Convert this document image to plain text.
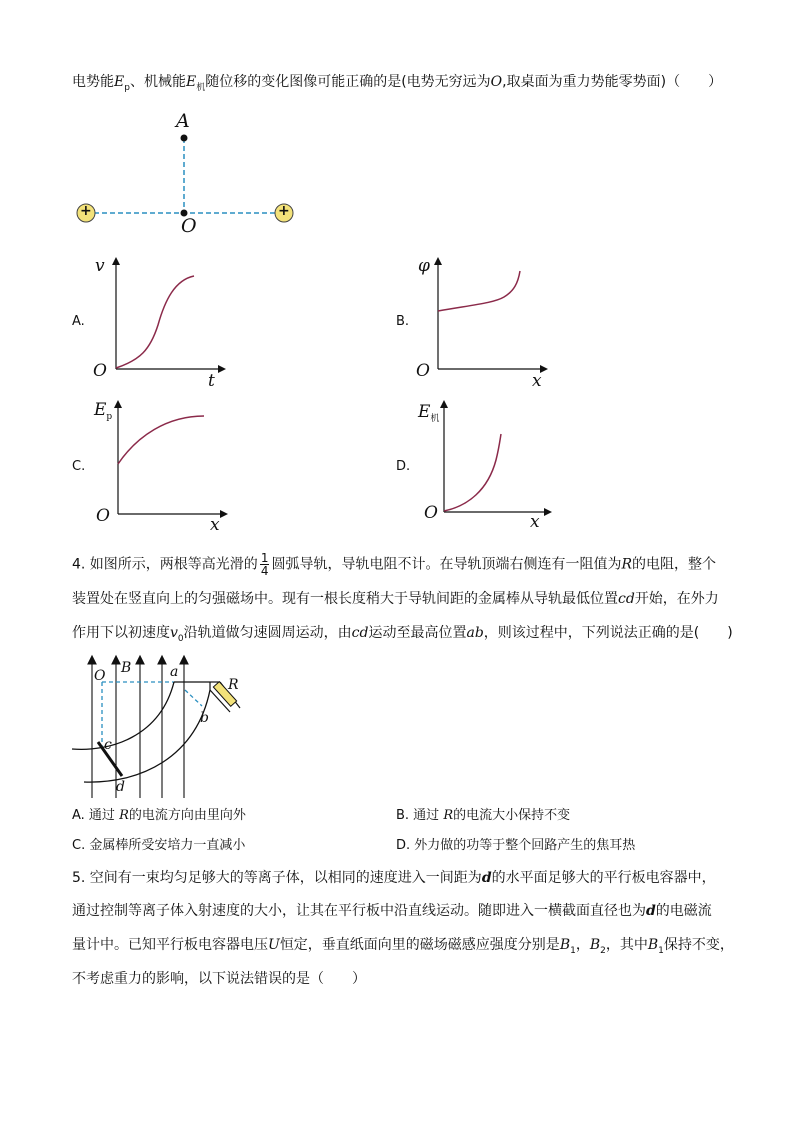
电势能$E_p$、机械能$E_机$随位移的变化图像可能正确的是(电势无穷远为O,取桌面为重力势能零势面)（　　）
A
O
+	+
A.
v
t
O
B.
φ
x
O
C.
$E_p$
x
O
D.
$E_机$
x
O
4. 如图所示，两根等高光滑的 $\frac{1}{4}$ 圆弧导轨，导轨电阻不计。在导轨顶端右侧连有一阻值为R的电阻，整个
装置处在竖直向上的匀强磁场中。现有一根长度稍大于导轨间距的金属棒从导轨最低位置cd开始，在外力
作用下以初速度$v_0$沿轨道做匀速圆周运动，由cd运动至最高位置ab，则该过程中，下列说法正确的是(　　)
O B	a
b
R
c
d
A. 通过 R的电流方向由里向外	B. 通过 R的电流大小保持不变
C. 金属棒所受安培力一直减小	D. 外力做的功等于整个回路产生的焦耳热
5. 空间有一束均匀足够大的等离子体，以相同的速度进入一间距为d的水平面足够大的平行板电容器中，
通过控制等离子体入射速度的大小，让其在平行板中沿直线运动。随即进入一横截面直径也为d的电磁流
量计中。已知平行板电容器电压U恒定，垂直纸面向里的磁场磁感应强度分别是$B_1$，$B_2$，其中$B_1$保持不变，
不考虑重力的影响，以下说法错误的是（　　）
